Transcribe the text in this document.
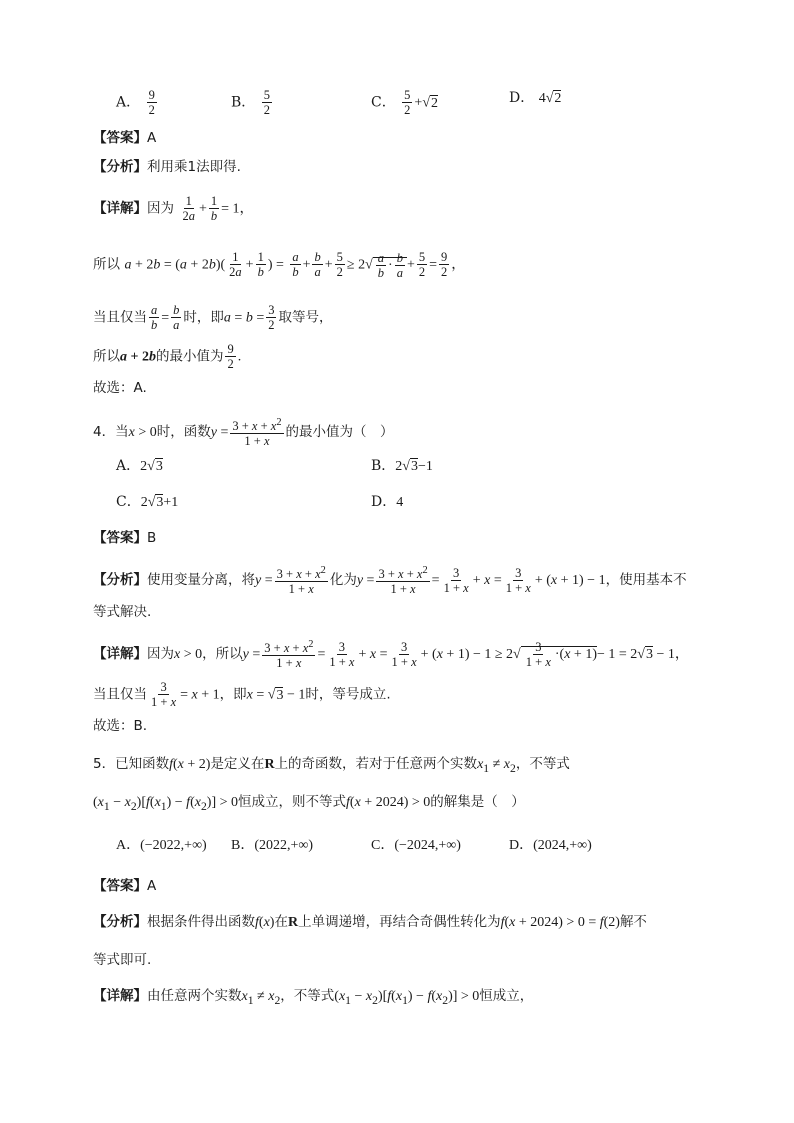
A． $\frac{9}{2}$	B． $\frac{5}{2}$	C． $\frac{5}{2} +√2$	D． 4√2
【答案】A
【分析】利用乘1法即得.
【详解】因为 $\frac{1}{2a} + \frac{1}{b} = 1$，
所以 $a + 2b = (a + 2b)( \frac{1}{2a} + \frac{1}{b}$ ) = $\frac{a}{b} + \frac{b}{a} + \frac{5}{2} \ge 2√ \frac{a}{b} \cdot \frac{b}{a} + \frac{5}{2} = \frac{9}{2}$ ，
当且仅当 $\frac{a}{b} = \frac{b}{a}$ 时，即$a = b = \frac{3}{2}$ 取等号，
所以a + 2b的最小值为 $\frac{9}{2}$ .
故选：A.
4．当x > 0时，函数$y = \frac{3 + x + x^2}{1 + x}$ 的最小值为（　）
A．2√3	B．2√3−1
C．2√3+1	D．4
【答案】B
【分析】使用变量分离，将$y = \frac{3 + x + x^2}{1 + x}$ 化为$y = \frac{3 + x + x^2}{1 + x} = \frac{3}{1 + x} + x = \frac{3}{1 + x} + (x + 1) - 1$，使用基本不
等式解决.
【详解】因为x > 0，所以$y = \frac{3 + x + x^2}{1 + x} = \frac{3}{1 + x} + x = \frac{3}{1 + x} + (x + 1) - 1 \ge 2√ \frac{3}{1 + x} \cdot(x + 1)- 1 = 2√3 - 1$，
当且仅当 $\frac{3}{1 + x} = x + 1$，即x = √3 − 1时，等号成立.
故选：B.
5．已知函数f(x + 2)是定义在R上的奇函数，若对于任意两个实数$x_1 \ne x_2$，不等式
$(x_1 - x_2)[f(x_1) - f(x_2)] > 0$恒成立，则不等式f(x + 2024) > 0的解集是（　）
A．(−2022,+∞) B．(2022,+∞)	C．(−2024,+∞)	D．(2024,+∞)
【答案】A
【分析】根据条件得出函数f(x)在R上单调递增，再结合奇偶性转化为f(x + 2024) > 0 = f(2)解不
等式即可.
【详解】由任意两个实数$x_1 \ne x_2$，不等式$(x_1 - x_2)[f(x_1) - f(x_2)] > 0$恒成立，
